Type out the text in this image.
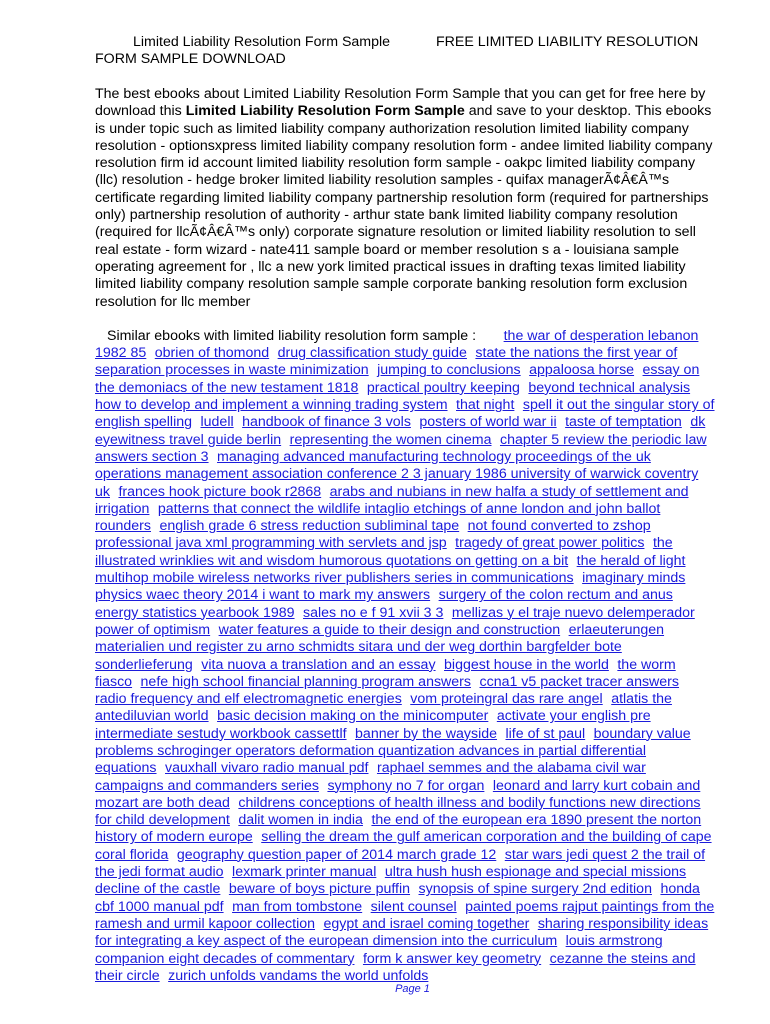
Limited Liability Resolution Form Sample	FREE LIMITED LIABILITY RESOLUTION
FORM SAMPLE DOWNLOAD

The best ebooks about Limited Liability Resolution Form Sample that you can get for free here by download this Limited Liability Resolution Form Sample and save to your desktop. This ebooks is under topic such as limited liability company authorization resolution limited liability company resolution - optionsxpress limited liability company resolution form - andee limited liability company resolution firm id account limited liability resolution form sample - oakpc limited liability company (llc) resolution - hedge broker limited liability resolution samples - quifax managerÃ¢Â€Â™s certificate regarding limited liability company partnership resolution form (required for partnerships only) partnership resolution of authority - arthur state bank limited liability company resolution (required for llcÃ¢Â€Â™s only) corporate signature resolution or limited liability resolution to sell real estate - form wizard - nate411 sample board or member resolution s a - louisiana sample operating agreement for , llc a new york limited practical issues in drafting texas limited liability limited liability company resolution sample sample corporate banking resolution form exclusion resolution for llc member

Similar ebooks with limited liability resolution form sample : the war of desperation lebanon 1982 85 obrien of thomond drug classification study guide state the nations the first year of separation processes in waste minimization jumping to conclusions appaloosa horse essay on the demoniacs of the new testament 1818 practical poultry keeping beyond technical analysis how to develop and implement a winning trading system that night spell it out the singular story of english spelling ludell handbook of finance 3 vols posters of world war ii taste of temptation dk eyewitness travel guide berlin representing the women cinema chapter 5 review the periodic law answers section 3 managing advanced manufacturing technology proceedings of the uk operations management association conference 2 3 january 1986 university of warwick coventry uk frances hook picture book r2868 arabs and nubians in new halfa a study of settlement and irrigation patterns that connect the wildlife intaglio etchings of anne london and john ballot rounders english grade 6 stress reduction subliminal tape not found converted to zshop professional java xml programming with servlets and jsp tragedy of great power politics the illustrated wrinklies wit and wisdom humorous quotations on getting on a bit the herald of light multihop mobile wireless networks river publishers series in communications imaginary minds physics waec theory 2014 i want to mark my answers surgery of the colon rectum and anus energy statistics yearbook 1989 sales no e f 91 xvii 3 3 mellizas y el traje nuevo delemperador power of optimism water features a guide to their design and construction erlaeuterungen materialien und register zu arno schmidts sitara und der weg dorthin bargfelder bote sonderlieferung vita nuova a translation and an essay biggest house in the world the worm fiasco nefe high school financial planning program answers ccna1 v5 packet tracer answers radio frequency and elf electromagnetic energies vom proteingral das rare angel atlatis the antediluvian world basic decision making on the minicomputer activate your english pre intermediate sestudy workbook cassettlf banner by the wayside life of st paul boundary value problems schroginger operators deformation quantization advances in partial differential equations vauxhall vivaro radio manual pdf raphael semmes and the alabama civil war campaigns and commanders series symphony no 7 for organ leonard and larry kurt cobain and mozart are both dead childrens conceptions of health illness and bodily functions new directions for child development dalit women in india the end of the european era 1890 present the norton history of modern europe selling the dream the gulf american corporation and the building of cape coral florida geography question paper of 2014 march grade 12 star wars jedi quest 2 the trail of the jedi format audio lexmark printer manual ultra hush hush espionage and special missions decline of the castle beware of boys picture puffin synopsis of spine surgery 2nd edition honda cbf 1000 manual pdf man from tombstone silent counsel painted poems rajput paintings from the ramesh and urmil kapoor collection egypt and israel coming together sharing responsibility ideas for integrating a key aspect of the european dimension into the curriculum louis armstrong companion eight decades of commentary form k answer key geometry cezanne the steins and their circle zurich unfolds vandams the world unfolds

Page 1
